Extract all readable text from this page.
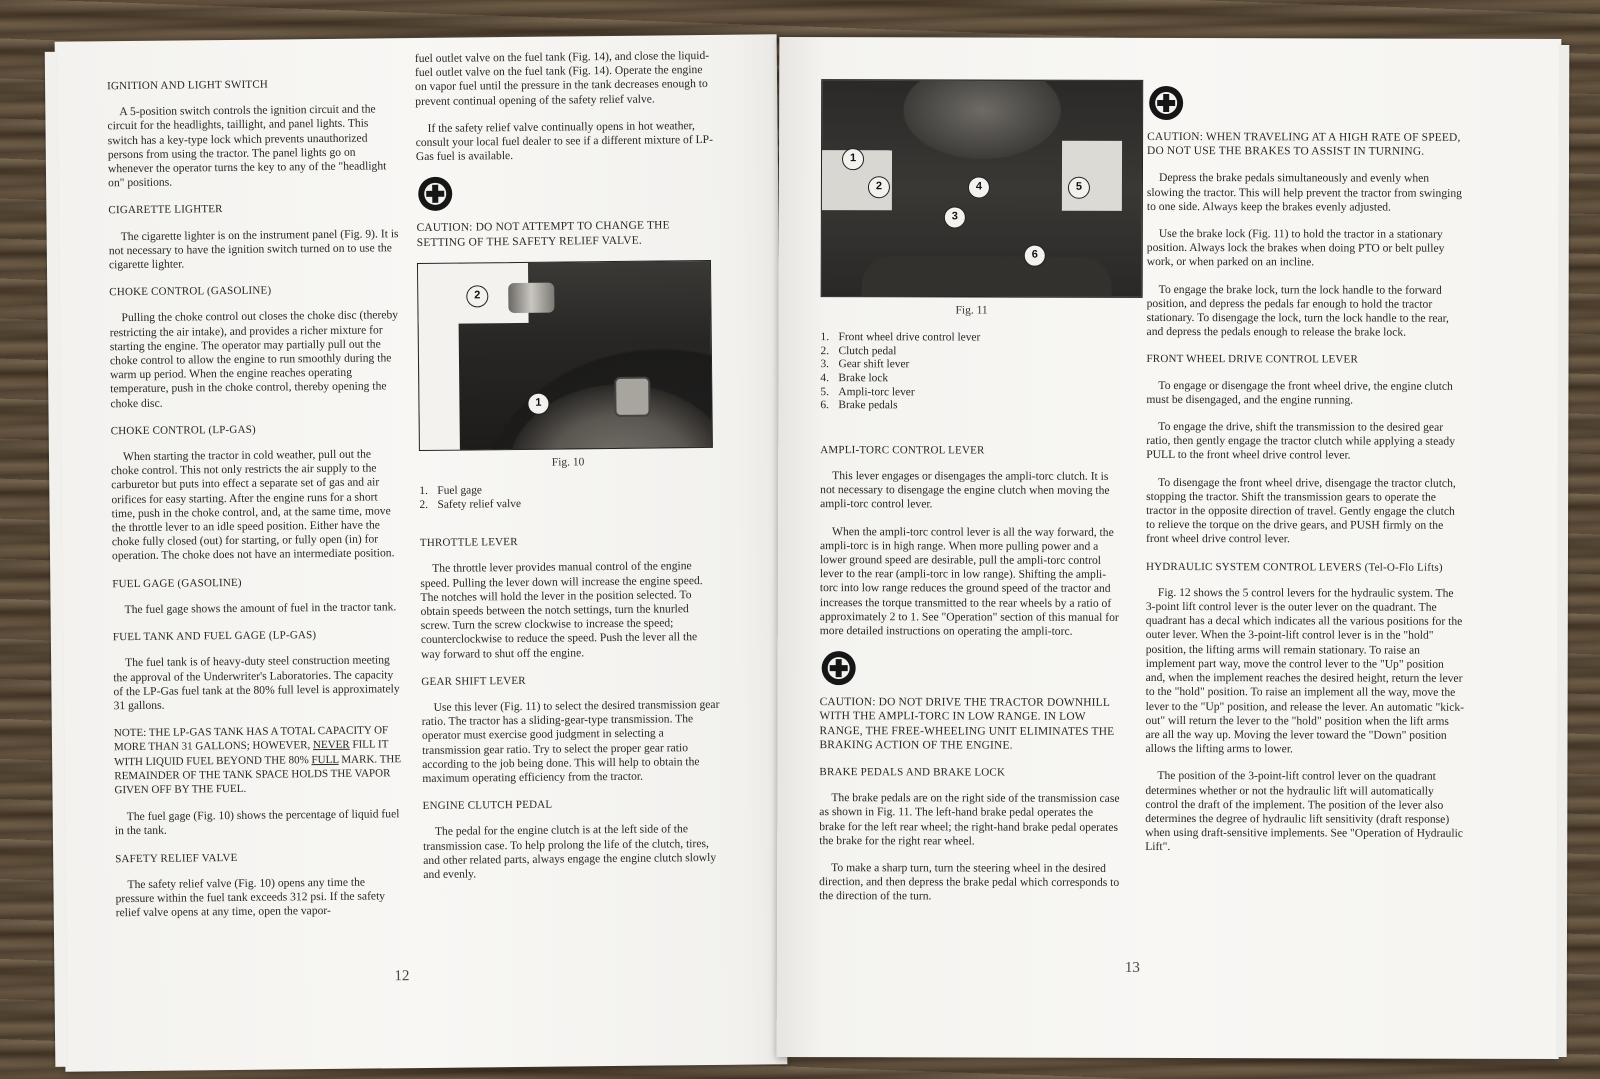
IGNITION AND LIGHT SWITCH

A 5-position switch controls the ignition circuit and the circuit for the headlights, taillight, and panel lights. This switch has a key-type lock which prevents unauthorized persons from using the tractor. The panel lights go on whenever the operator turns the key to any of the "headlight on" positions.

CIGARETTE LIGHTER

The cigarette lighter is on the instrument panel (Fig. 9). It is not necessary to have the ignition switch turned on to use the cigarette lighter.

CHOKE CONTROL (GASOLINE)

Pulling the choke control out closes the choke disc (thereby restricting the air intake), and provides a richer mixture for starting the engine. The operator may partially pull out the choke control to allow the engine to run smoothly during the warm up period. When the engine reaches operating temperature, push in the choke control, thereby opening the choke disc.

CHOKE CONTROL (LP-GAS)

When starting the tractor in cold weather, pull out the choke control. This not only restricts the air supply to the carburetor but puts into effect a separate set of gas and air orifices for easy starting. After the engine runs for a short time, push in the choke control, and, at the same time, move the throttle lever to an idle speed position. Either have the choke fully closed (out) for starting, or fully open (in) for operation. The choke does not have an intermediate position.

FUEL GAGE (GASOLINE)

The fuel gage shows the amount of fuel in the tractor tank.

FUEL TANK AND FUEL GAGE (LP-GAS)

The fuel tank is of heavy-duty steel construction meeting the approval of the Underwriter's Laboratories. The capacity of the LP-Gas fuel tank at the 80% full level is approximately 31 gallons.

NOTE: THE LP-GAS TANK HAS A TOTAL CAPACITY OF MORE THAN 31 GALLONS; HOWEVER, NEVER FILL IT WITH LIQUID FUEL BEYOND THE 80% FULL MARK. THE REMAINDER OF THE TANK SPACE HOLDS THE VAPOR GIVEN OFF BY THE FUEL.

The fuel gage (Fig. 10) shows the percentage of liquid fuel in the tank.

SAFETY RELIEF VALVE

The safety relief valve (Fig. 10) opens any time the pressure within the fuel tank exceeds 312 psi. If the safety relief valve opens at any time, open the vapor-

fuel outlet valve on the fuel tank (Fig. 14), and close the liquid-fuel outlet valve on the fuel tank (Fig. 14). Operate the engine on vapor fuel until the pressure in the tank decreases enough to prevent continual opening of the safety relief valve.

If the safety relief valve continually opens in hot weather, consult your local fuel dealer to see if a different mixture of LP-Gas fuel is available.

CAUTION: DO NOT ATTEMPT TO CHANGE THE SETTING OF THE SAFETY RELIEF VALVE.

2
1
Fig. 10
1. Fuel gage
2. Safety relief valve
THROTTLE LEVER

The throttle lever provides manual control of the engine speed. Pulling the lever down will increase the engine speed. The notches will hold the lever in the position selected. To obtain speeds between the notch settings, turn the knurled screw. Turn the screw clockwise to increase the speed; counterclockwise to reduce the speed. Push the lever all the way forward to shut off the engine.

GEAR SHIFT LEVER

Use this lever (Fig. 11) to select the desired transmission gear ratio. The tractor has a sliding-gear-type transmission. The operator must exercise good judgment in selecting a transmission gear ratio. Try to select the proper gear ratio according to the job being done. This will help to obtain the maximum operating efficiency from the tractor.

ENGINE CLUTCH PEDAL

The pedal for the engine clutch is at the left side of the transmission case. To help prolong the life of the clutch, tires, and other related parts, always engage the engine clutch slowly and evenly.

12
1
2
3
4	5
6
Fig. 11
1. Front wheel drive control lever
2. Clutch pedal
3. Gear shift lever
4. Brake lock
5. Ampli-torc lever
6. Brake pedals
AMPLI-TORC CONTROL LEVER

This lever engages or disengages the ampli-torc clutch. It is not necessary to disengage the engine clutch when moving the ampli-torc control lever.

When the ampli-torc control lever is all the way forward, the ampli-torc is in high range. When more pulling power and a lower ground speed are desirable, pull the ampli-torc control lever to the rear (ampli-torc in low range). Shifting the ampli-torc into low range reduces the ground speed of the tractor and increases the torque transmitted to the rear wheels by a ratio of approximately 2 to 1. See "Operation" section of this manual for more detailed instructions on operating the ampli-torc.

CAUTION: DO NOT DRIVE THE TRACTOR DOWNHILL WITH THE AMPLI-TORC IN LOW RANGE. IN LOW RANGE, THE FREE-WHEELING UNIT ELIMINATES THE BRAKING ACTION OF THE ENGINE.

BRAKE PEDALS AND BRAKE LOCK

The brake pedals are on the right side of the transmission case as shown in Fig. 11. The left-hand brake pedal operates the brake for the left rear wheel; the right-hand brake pedal operates the brake for the right rear wheel.

To make a sharp turn, turn the steering wheel in the desired direction, and then depress the brake pedal which corresponds to the direction of the turn.

CAUTION: WHEN TRAVELING AT A HIGH RATE OF SPEED, DO NOT USE THE BRAKES TO ASSIST IN TURNING.

Depress the brake pedals simultaneously and evenly when slowing the tractor. This will help prevent the tractor from swinging to one side. Always keep the brakes evenly adjusted.

Use the brake lock (Fig. 11) to hold the tractor in a stationary position. Always lock the brakes when doing PTO or belt pulley work, or when parked on an incline.

To engage the brake lock, turn the lock handle to the forward position, and depress the pedals far enough to hold the tractor stationary. To disengage the lock, turn the lock handle to the rear, and depress the pedals enough to release the brake lock.

FRONT WHEEL DRIVE CONTROL LEVER

To engage or disengage the front wheel drive, the engine clutch must be disengaged, and the engine running.

To engage the drive, shift the transmission to the desired gear ratio, then gently engage the tractor clutch while applying a steady PULL to the front wheel drive control lever.

To disengage the front wheel drive, disengage the tractor clutch, stopping the tractor. Shift the transmission gears to operate the tractor in the opposite direction of travel. Gently engage the clutch to relieve the torque on the drive gears, and PUSH firmly on the front wheel drive control lever.

HYDRAULIC SYSTEM CONTROL LEVERS (Tel-O-Flo Lifts)

Fig. 12 shows the 5 control levers for the hydraulic system. The 3-point lift control lever is the outer lever on the quadrant. The quadrant has a decal which indicates all the various positions for the outer lever. When the 3-point-lift control lever is in the "hold" position, the lifting arms will remain stationary. To raise an implement part way, move the control lever to the "Up" position and, when the implement reaches the desired height, return the lever to the "hold" position. To raise an implement all the way, move the lever to the "Up" position, and release the lever. An automatic "kick-out" will return the lever to the "hold" position when the lift arms are all the way up. Moving the lever toward the "Down" position allows the lifting arms to lower.

The position of the 3-point-lift control lever on the quadrant determines whether or not the hydraulic lift will automatically control the draft of the implement. The position of the lever also determines the degree of hydraulic lift sensitivity (draft response) when using draft-sensitive implements. See "Operation of Hydraulic Lift".

13
